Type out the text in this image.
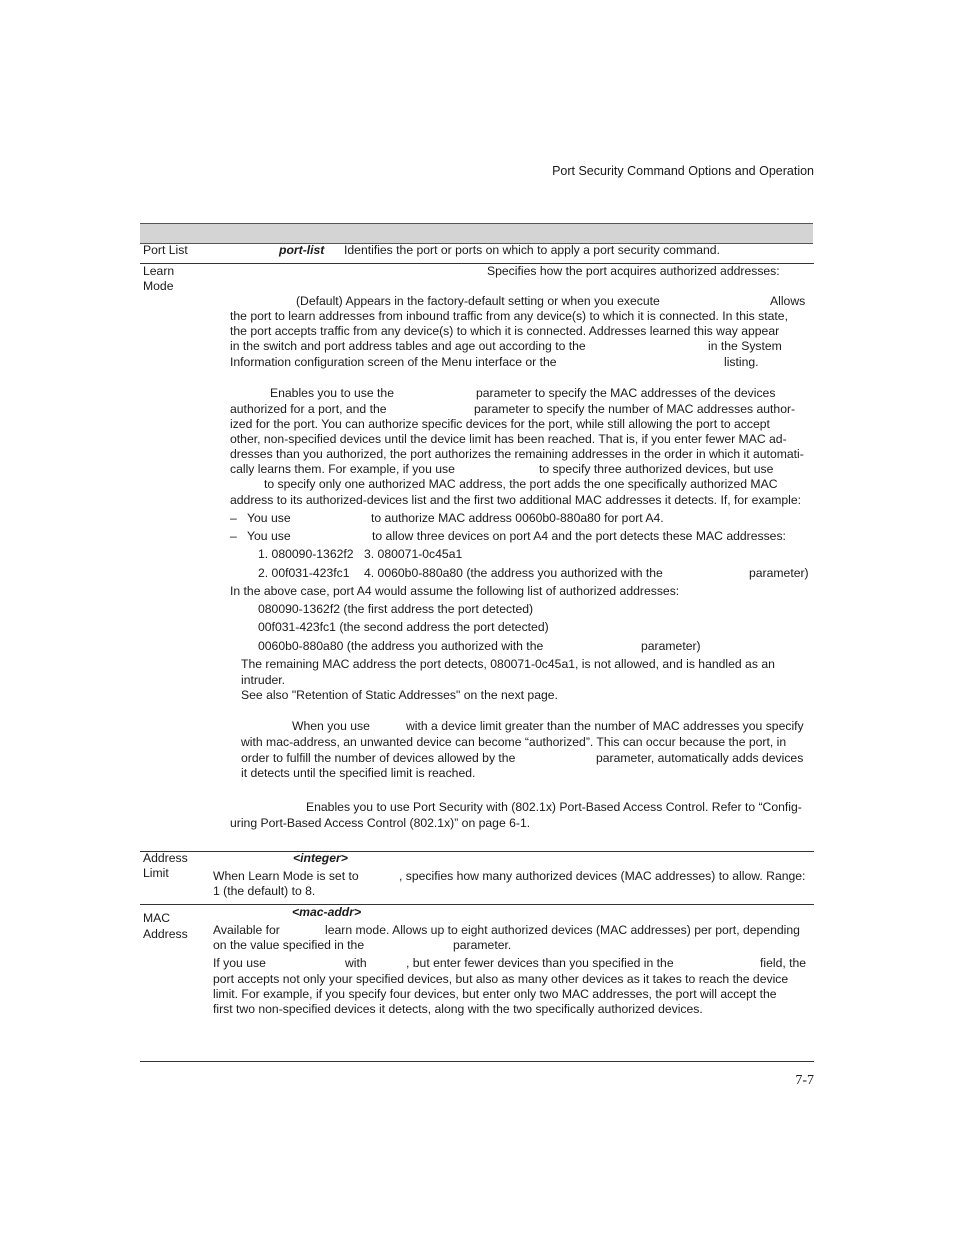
Port Security Command Options and Operation
Port List	port-list Identifies the port or ports on which to apply a port security command.
Learn
Mode
Specifies how the port acquires authorized addresses:
(Default) Appears in the factory-default setting or when you execute	Allows
the port to learn addresses from inbound traffic from any device(s) to which it is connected. In this state,
the port accepts traffic from any device(s) to which it is connected. Addresses learned this way appear
in the switch and port address tables and age out according to the	in the System
Information configuration screen of the Menu interface or the	listing.
Enables you to use the	parameter to specify the MAC addresses of the devices
authorized for a port, and the	parameter to specify the number of MAC addresses author-
ized for the port. You can authorize specific devices for the port, while still allowing the port to accept
other, non-specified devices until the device limit has been reached. That is, if you enter fewer MAC ad-
dresses than you authorized, the port authorizes the remaining addresses in the order in which it automati-
cally learns them. For example, if you use	to specify three authorized devices, but use
to specify only one authorized MAC address, the port adds the one specifically authorized MAC
address to its authorized-devices list and the first two additional MAC addresses it detects. If, for example:
– You use	to authorize MAC address 0060b0-880a80 for port A4.
– You use	to allow three devices on port A4 and the port detects these MAC addresses:
1. 080090-1362f2 3. 080071-0c45a1
2. 00f031-423fc1 4. 0060b0-880a80 (the address you authorized with the	parameter)
In the above case, port A4 would assume the following list of authorized addresses:
080090-1362f2 (the first address the port detected)
00f031-423fc1 (the second address the port detected)
0060b0-880a80 (the address you authorized with the	parameter)
The remaining MAC address the port detects, 080071-0c45a1, is not allowed, and is handled as an
intruder.
See also "Retention of Static Addresses" on the next page.
When you use	with a device limit greater than the number of MAC addresses you specify
with mac-address, an unwanted device can become “authorized”. This can occur because the port, in
order to fulfill the number of devices allowed by the	parameter, automatically adds devices
it detects until the specified limit is reached.
Enables you to use Port Security with (802.1x) Port-Based Access Control. Refer to “Config-
uring Port-Based Access Control (802.1x)” on page 6-1.
Address
Limit
<integer>
When Learn Mode is set to	, specifies how many authorized devices (MAC addresses) to allow. Range:
1 (the default) to 8.
MAC
Address
<mac-addr>
Available for	learn mode. Allows up to eight authorized devices (MAC addresses) per port, depending
on the value specified in the	parameter.
If you use	with	, but enter fewer devices than you specified in the	field, the
port accepts not only your specified devices, but also as many other devices as it takes to reach the device
limit. For example, if you specify four devices, but enter only two MAC addresses, the port will accept the
first two non-specified devices it detects, along with the two specifically authorized devices.
7-7
